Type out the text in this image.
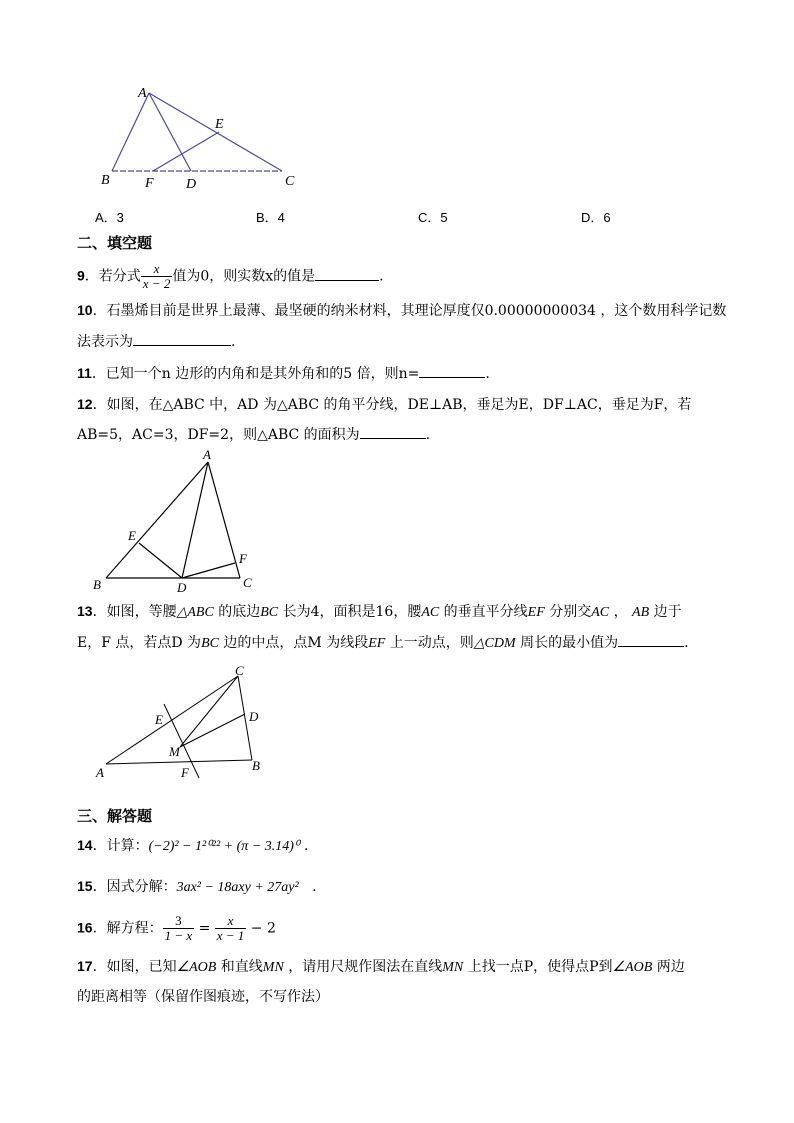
A
E
B	F D	C
A．3	B．4	C．5	D．6
二、填空题
9．若分式 $\frac{x}{x - 2}$ 值为0，则实数x的值是	.
10．石墨烯目前是世界上最薄、最坚硬的纳米材料，其理论厚度仅0.00000000034 ，这个数用科学记数
法表示为	.
11．已知一个n 边形的内角和是其外角和的5 倍，则n=	.
12．如图，在△ABC 中，AD 为△ABC 的角平分线，DE⊥AB，垂足为E，DF⊥AC，垂足为F，若
AB=5，AC=3，DF=2，则△ABC 的面积为	.
A
E
F
B	D	C
13．如图，等腰△ABC 的底边BC 长为4，面积是16，腰AC 的垂直平分线EF 分别交AC ， AB 边于
E，F 点，若点D 为BC 边的中点，点M 为线段EF 上一动点，则△CDM 周长的最小值为	.
C
E	D
M
A	F	B
三、解答题
14．计算：(−2)² − 1²⁰²² + (π − 3.14)⁰ .
15．因式分解：3ax² − 18axy + 27ay² .
16．解方程： $\frac{3}{1 - x} = \frac{x}{x - 1} - 2$
17．如图，已知∠AOB 和直线MN ，请用尺规作图法在直线MN 上找一点P，使得点P到∠AOB 两边
的距离相等（保留作图痕迹，不写作法）
